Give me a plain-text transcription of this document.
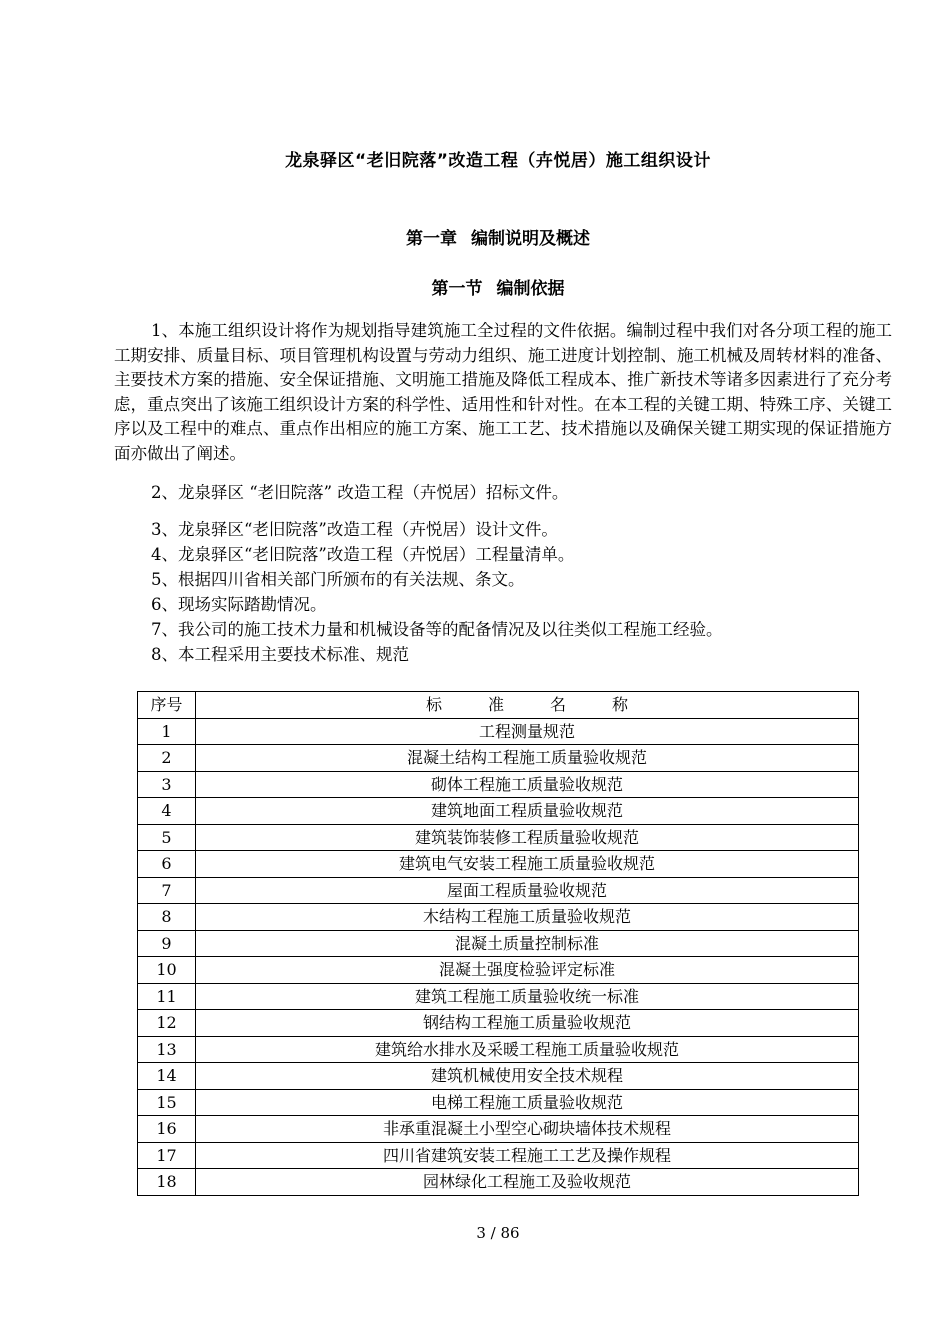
龙泉驿区“老旧院落”改造工程（卉悦居）施工组织设计
第一章 编制说明及概述
第一节 编制依据
1、本施工组织设计将作为规划指导建筑施工全过程的文件依据。编制过程中我们对各分项工程的施工工期安排、质量目标、项目管理机构设置与劳动力组织、施工进度计划控制、施工机械及周转材料的准备、主要技术方案的措施、安全保证措施、文明施工措施及降低工程成本、推广新技术等诸多因素进行了充分考虑，重点突出了该施工组织设计方案的科学性、适用性和针对性。在本工程的关键工期、特殊工序、关键工序以及工程中的难点、重点作出相应的施工方案、施工工艺、技术措施以及确保关键工期实现的保证措施方面亦做出了阐述。
2、龙泉驿区 “老旧院落” 改造工程（卉悦居）招标文件。
3、龙泉驿区“老旧院落”改造工程（卉悦居）设计文件。
4、龙泉驿区“老旧院落”改造工程（卉悦居）工程量清单。
5、根据四川省相关部门所颁布的有关法规、条文。
6、现场实际踏勘情况。
7、我公司的施工技术力量和机械设备等的配备情况及以往类似工程施工经验。
8、本工程采用主要技术标准、规范
序号	标准名称
1	工程测量规范
2	混凝土结构工程施工质量验收规范
3	砌体工程施工质量验收规范
4	建筑地面工程质量验收规范
5	建筑装饰装修工程质量验收规范
6	建筑电气安装工程施工质量验收规范
7	屋面工程质量验收规范
8	木结构工程施工质量验收规范
9	混凝土质量控制标准
10	混凝土强度检验评定标准
11	建筑工程施工质量验收统一标准
12	钢结构工程施工质量验收规范
13	建筑给水排水及采暖工程施工质量验收规范
14	建筑机械使用安全技术规程
15	电梯工程施工质量验收规范
16	非承重混凝土小型空心砌块墙体技术规程
17	四川省建筑安装工程施工工艺及操作规程
18	园林绿化工程施工及验收规范
3 / 86
